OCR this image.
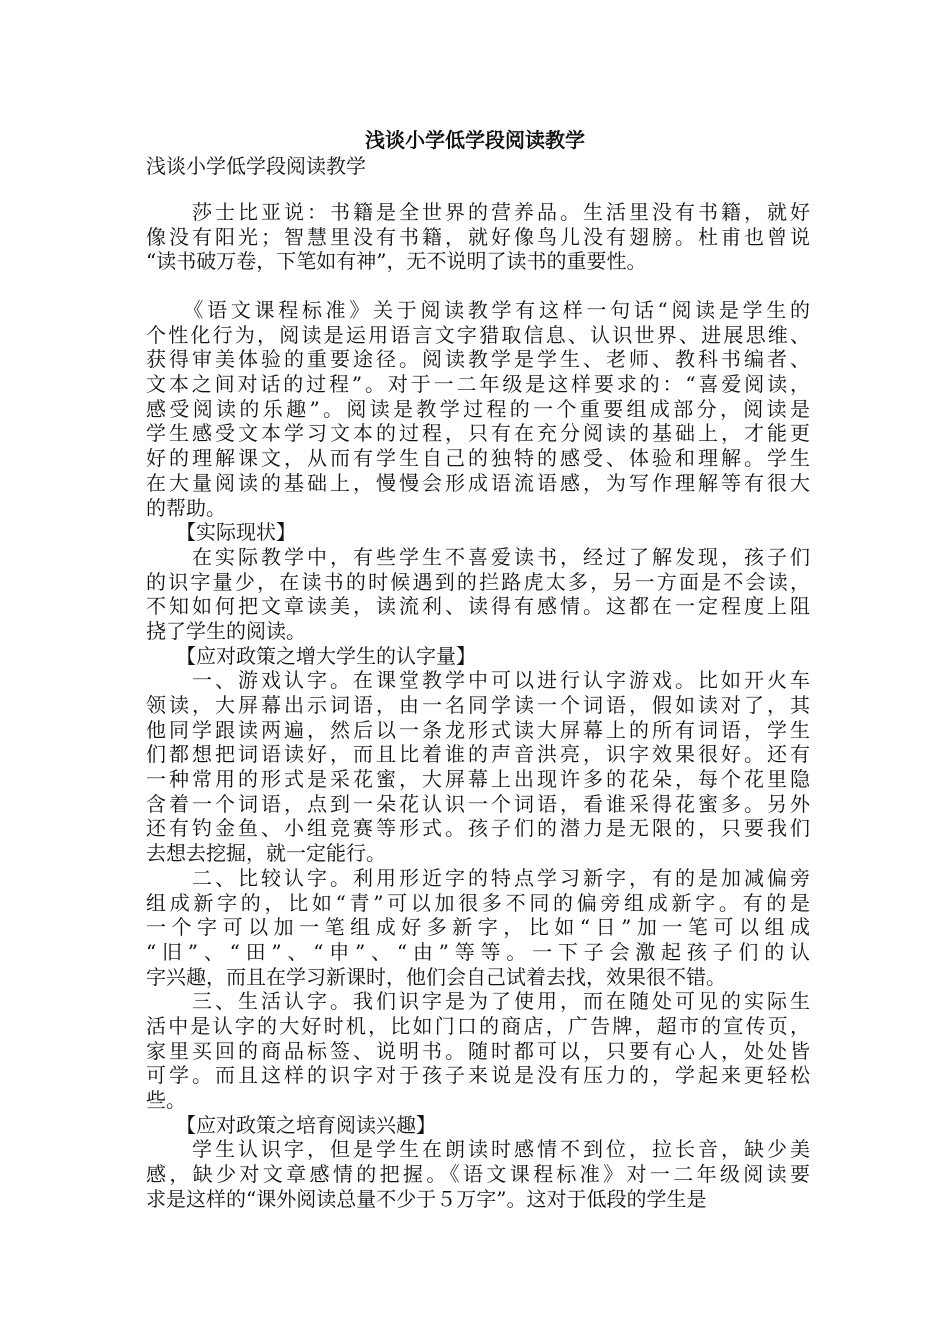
浅谈小学低学段阅读教学
浅谈小学低学段阅读教学
　　莎士比亚说：书籍是全世界的营养品。生活里没有书籍，就好
像没有阳光；智慧里没有书籍，就好像鸟儿没有翅膀。杜甫也曾说
“读书破万卷，下笔如有神”，无不说明了读书的重要性。
　　《语文课程标准》关于阅读教学有这样一句话“阅读是学生的
个性化行为，阅读是运用语言文字猎取信息、认识世界、进展思维、
获得审美体验的重要途径。阅读教学是学生、老师、教科书编者、
文本之间对话的过程”。对于一二年级是这样要求的：“喜爱阅读，
感受阅读的乐趣”。阅读是教学过程的一个重要组成部分，阅读是
学生感受文本学习文本的过程，只有在充分阅读的基础上，才能更
好的理解课文，从而有学生自己的独特的感受、体验和理解。学生
在大量阅读的基础上，慢慢会形成语流语感，为写作理解等有很大
的帮助。
　　【实际现状】
　　在实际教学中，有些学生不喜爱读书，经过了解发现，孩子们
的识字量少，在读书的时候遇到的拦路虎太多，另一方面是不会读，
不知如何把文章读美，读流利、读得有感情。这都在一定程度上阻
挠了学生的阅读。
　　【应对政策之增大学生的认字量】
　　一、游戏认字。在课堂教学中可以进行认字游戏。比如开火车
领读，大屏幕出示词语，由一名同学读一个词语，假如读对了，其
他同学跟读两遍，然后以一条龙形式读大屏幕上的所有词语，学生
们都想把词语读好，而且比着谁的声音洪亮，识字效果很好。还有
一种常用的形式是采花蜜，大屏幕上出现许多的花朵，每个花里隐
含着一个词语，点到一朵花认识一个词语，看谁采得花蜜多。另外
还有钓金鱼、小组竞赛等形式。孩子们的潜力是无限的，只要我们
去想去挖掘，就一定能行。
　　二、比较认字。利用形近字的特点学习新字，有的是加减偏旁
组成新字的，比如“青”可以加很多不同的偏旁组成新字。有的是
一个字可以加一笔组成好多新字，比如“日”加一笔可以组成
“旧”、“田”、“申”、“由”等等。一下子会激起孩子们的认
字兴趣，而且在学习新课时，他们会自己试着去找，效果很不错。
　　三、生活认字。我们识字是为了使用，而在随处可见的实际生
活中是认字的大好时机，比如门口的商店，广告牌，超市的宣传页，
家里买回的商品标签、说明书。随时都可以，只要有心人，处处皆
可学。而且这样的识字对于孩子来说是没有压力的，学起来更轻松
些。
　　【应对政策之培育阅读兴趣】
　　学生认识字，但是学生在朗读时感情不到位，拉长音，缺少美
感，缺少对文章感情的把握。《语文课程标准》对一二年级阅读要
求是这样的“课外阅读总量不少于５万字”。这对于低段的学生是
